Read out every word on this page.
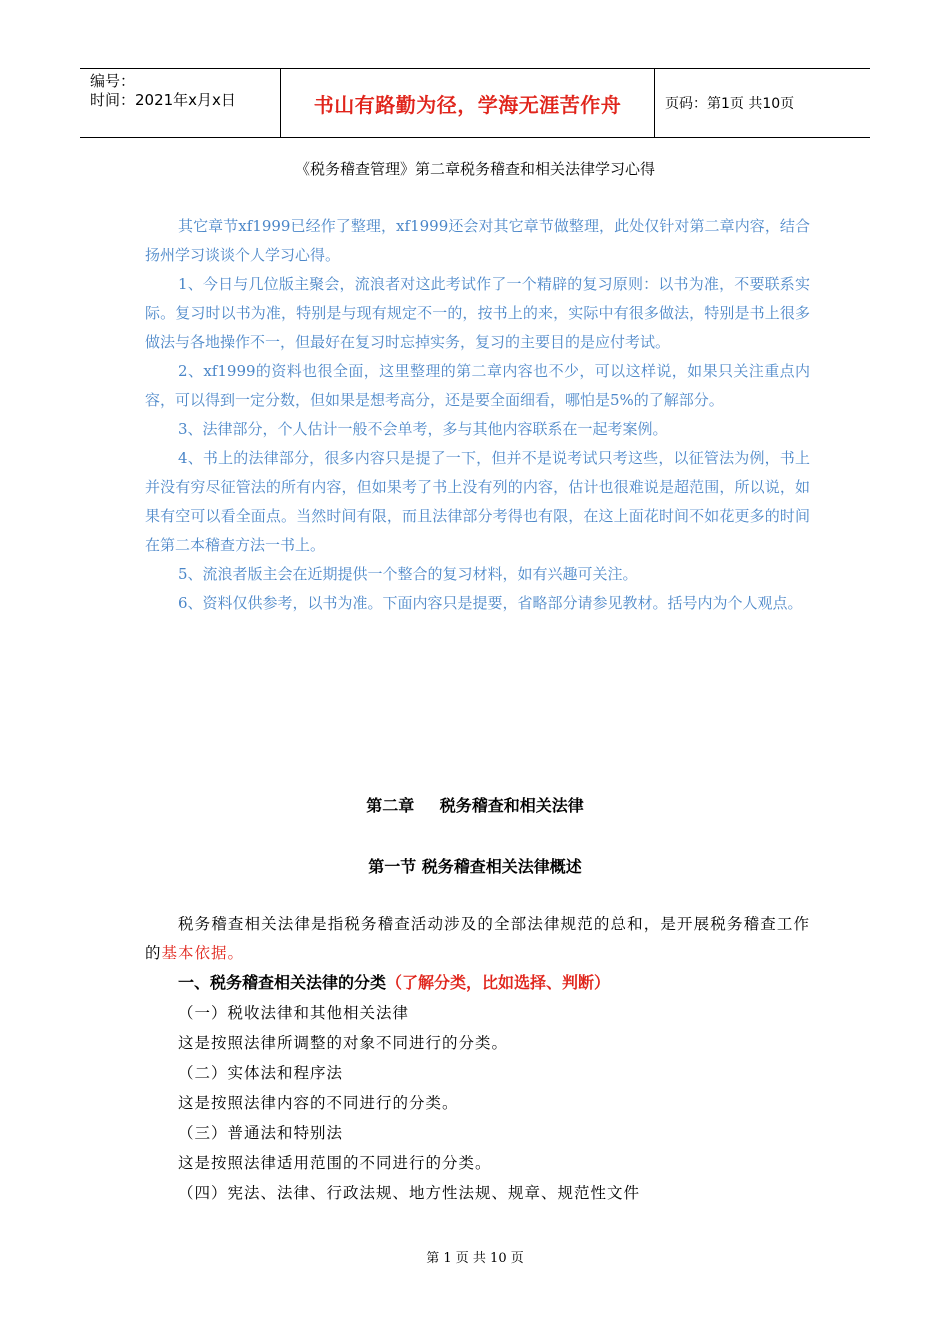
编号：
时间：2021年x月x日	书山有路勤为径，学海无涯苦作舟	页码：第1页 共10页
《税务稽查管理》第二章税务稽查和相关法律学习心得

其它章节xf1999已经作了整理，xf1999还会对其它章节做整理，此处仅针对第二章内容，结合扬州学习谈谈个人学习心得。

1、今日与几位版主聚会，流浪者对这此考试作了一个精辟的复习原则：以书为准，不要联系实际。复习时以书为准，特别是与现有规定不一的，按书上的来，实际中有很多做法，特别是书上很多做法与各地操作不一，但最好在复习时忘掉实务，复习的主要目的是应付考试。

2、xf1999的资料也很全面，这里整理的第二章内容也不少，可以这样说，如果只关注重点内容，可以得到一定分数，但如果是想考高分，还是要全面细看，哪怕是5%的了解部分。

3、法律部分，个人估计一般不会单考，多与其他内容联系在一起考案例。

4、书上的法律部分，很多内容只是提了一下，但并不是说考试只考这些，以征管法为例，书上并没有穷尽征管法的所有内容，但如果考了书上没有列的内容，估计也很难说是超范围，所以说，如果有空可以看全面点。当然时间有限，而且法律部分考得也有限，在这上面花时间不如花更多的时间在第二本稽查方法一书上。

5、流浪者版主会在近期提供一个整合的复习材料，如有兴趣可关注。

6、资料仅供参考，以书为准。下面内容只是提要，省略部分请参见教材。括号内为个人观点。

第二章 税务稽查和相关法律
第一节 税务稽查相关法律概述

税务稽查相关法律是指税务稽查活动涉及的全部法律规范的总和，是开展税务稽查工作的基本依据。

一、税务稽查相关法律的分类（了解分类，比如选择、判断）

（一）税收法律和其他相关法律

这是按照法律所调整的对象不同进行的分类。

（二）实体法和程序法

这是按照法律内容的不同进行的分类。

（三）普通法和特别法

这是按照法律适用范围的不同进行的分类。

（四）宪法、法律、行政法规、地方性法规、规章、规范性文件

第 1 页 共 10 页
